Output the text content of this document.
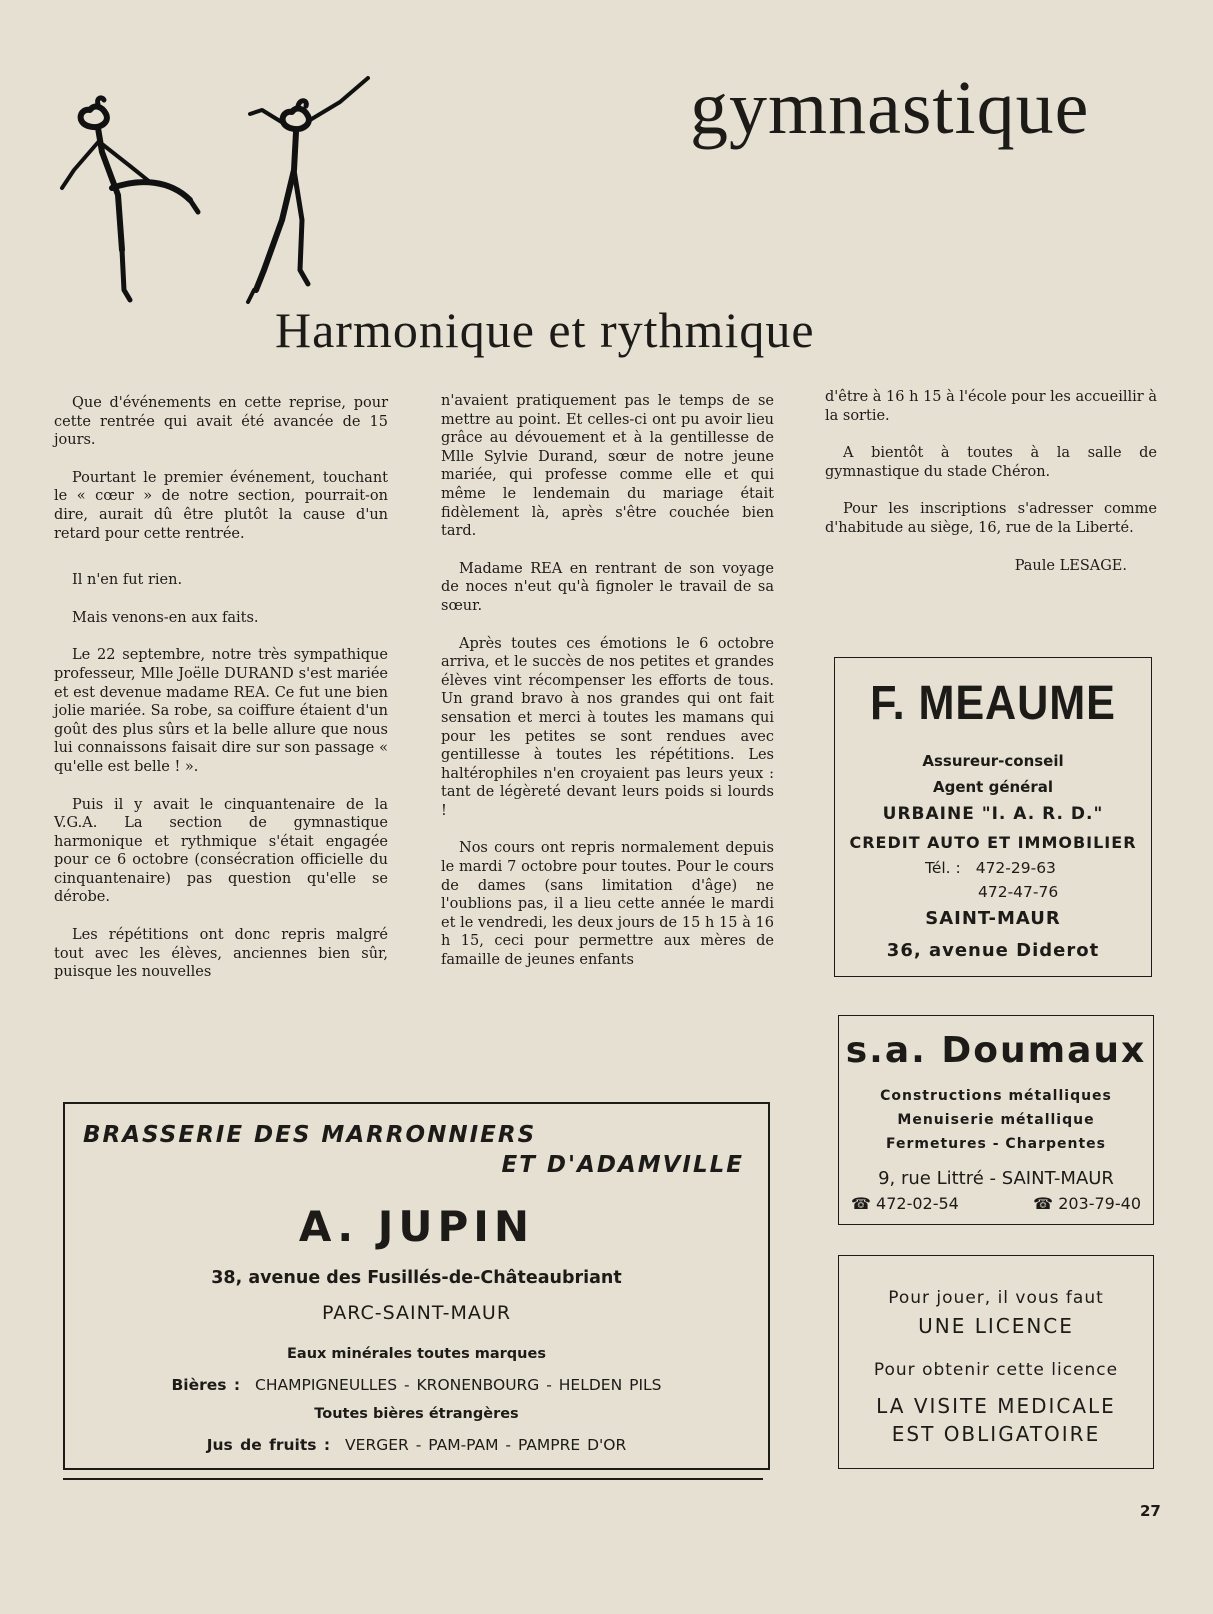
gymnastique
Harmonique et rythmique

Que d'événements en cette reprise, pour cette rentrée qui avait été avancée de 15 jours.

Pourtant le premier événement, touchant le « cœur » de notre section, pourrait-on dire, aurait dû être plutôt la cause d'un retard pour cette rentrée.

Il n'en fut rien.

Mais venons-en aux faits.

Le 22 septembre, notre très sympathique professeur, Mlle Joëlle DURAND s'est mariée et est devenue madame REA. Ce fut une bien jolie mariée. Sa robe, sa coiffure étaient d'un goût des plus sûrs et la belle allure que nous lui connaissons faisait dire sur son passage « qu'elle est belle ! ».

Puis il y avait le cinquantenaire de la V.G.A. La section de gymnastique harmonique et rythmique s'était engagée pour ce 6 octobre (consécration officielle du cinquantenaire) pas question qu'elle se dérobe.

Les répétitions ont donc repris malgré tout avec les élèves, anciennes bien sûr, puisque les nouvelles

n'avaient pratiquement pas le temps de se mettre au point. Et celles-ci ont pu avoir lieu grâce au dévouement et à la gentillesse de Mlle Sylvie Durand, sœur de notre jeune mariée, qui professe comme elle et qui même le lendemain du mariage était fidèlement là, après s'être couchée bien tard.

Madame REA en rentrant de son voyage de noces n'eut qu'à fignoler le travail de sa sœur.

Après toutes ces émotions le 6 octobre arriva, et le succès de nos petites et grandes élèves vint récompenser les efforts de tous. Un grand bravo à nos grandes qui ont fait sensation et merci à toutes les mamans qui pour les petites se sont rendues avec gentillesse à toutes les répétitions. Les haltérophiles n'en croyaient pas leurs yeux : tant de légèreté devant leurs poids si lourds !

Nos cours ont repris normalement depuis le mardi 7 octobre pour toutes. Pour le cours de dames (sans limitation d'âge) ne l'oublions pas, il a lieu cette année le mardi et le vendredi, les deux jours de 15 h 15 à 16 h 15, ceci pour permettre aux mères de famaille de jeunes enfants

d'être à 16 h 15 à l'école pour les accueillir à la sortie.

A bientôt à toutes à la salle de gymnastique du stade Chéron.

Pour les inscriptions s'adresser comme d'habitude au siège, 16, rue de la Liberté.

Paule LESAGE.

F. MEAUME
Assureur-conseil
Agent général
URBAINE "I. A. R. D."
CREDIT AUTO ET IMMOBILIER
Tél. : 472-29-63
472-47-76
SAINT-MAUR
36, avenue Diderot
s.a. Doumaux
Constructions métalliques
Menuiserie métallique
Fermetures - Charpentes
9, rue Littré - SAINT-MAUR
☎ 472-02-54	☎ 203-79-40
BRASSERIE DES MARRONNIERS
ET D'ADAMVILLE
A. JUPIN
38, avenue des Fusillés-de-Châteaubriant
PARC-SAINT-MAUR
Eaux minérales toutes marques
Bières : CHAMPIGNEULLES - KRONENBOURG - HELDEN PILS
Toutes bières étrangères
Jus de fruits : VERGER - PAM-PAM - PAMPRE D'OR
Pour jouer, il vous faut
UNE LICENCE
Pour obtenir cette licence
LA VISITE MEDICALE
EST OBLIGATOIRE
27
